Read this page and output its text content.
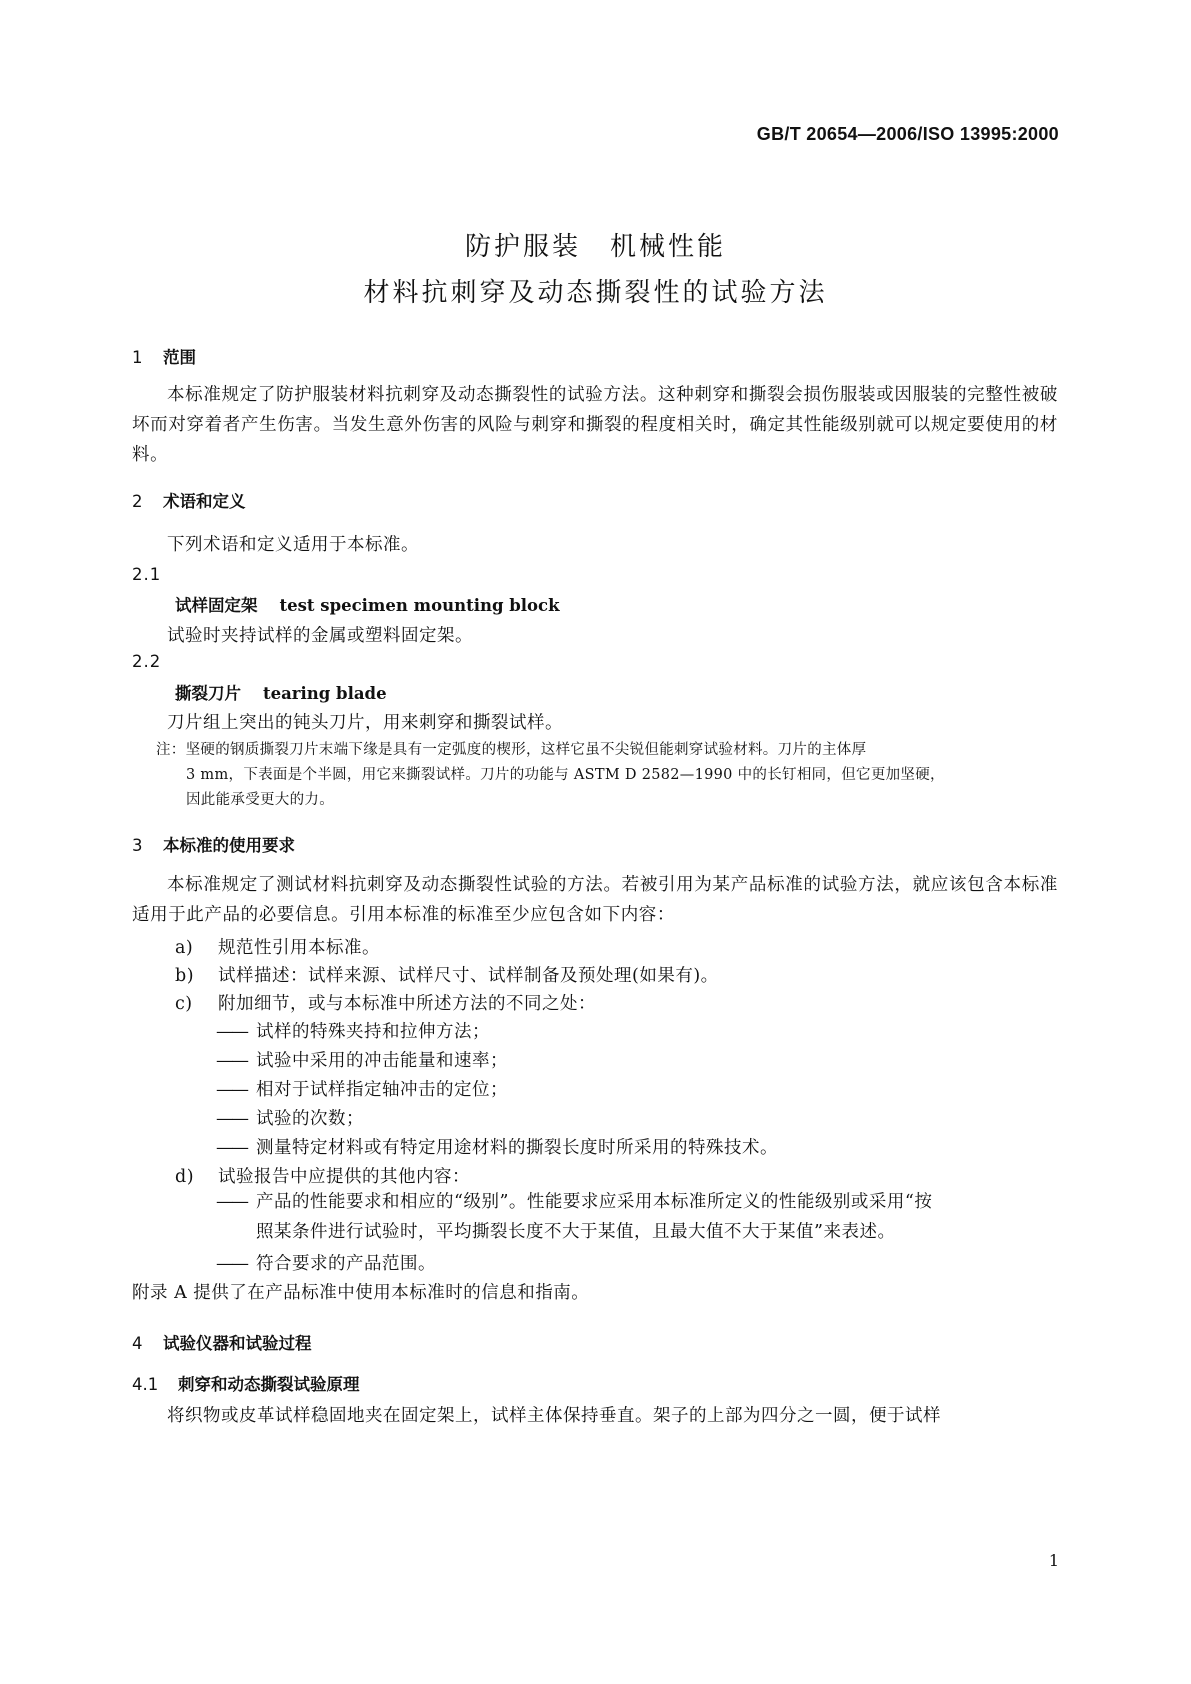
GB/T 20654—2006/ISO 13995:2000
防护服装　机械性能
材料抗刺穿及动态撕裂性的试验方法
1 范围
本标准规定了防护服装材料抗刺穿及动态撕裂性的试验方法。这种刺穿和撕裂会损伤服装或因服装的完整性被破坏而对穿着者产生伤害。当发生意外伤害的风险与刺穿和撕裂的程度相关时，确定其性能级别就可以规定要使用的材料。
2 术语和定义
下列术语和定义适用于本标准。
2.1
试样固定架 test specimen mounting block
试验时夹持试样的金属或塑料固定架。
2.2
撕裂刀片 tearing blade
刀片组上突出的钝头刀片，用来刺穿和撕裂试样。
注：坚硬的钢质撕裂刀片末端下缘是具有一定弧度的楔形，这样它虽不尖锐但能刺穿试验材料。刀片的主体厚
3 mm，下表面是个半圆，用它来撕裂试样。刀片的功能与 ASTM D 2582—1990 中的长钉相同，但它更加坚硬，
因此能承受更大的力。
3 本标准的使用要求
本标准规定了测试材料抗刺穿及动态撕裂性试验的方法。若被引用为某产品标准的试验方法，就应该包含本标准适用于此产品的必要信息。引用本标准的标准至少应包含如下内容：
a) 规范性引用本标准。
b) 试样描述：试样来源、试样尺寸、试样制备及预处理(如果有)。
c) 附加细节，或与本标准中所述方法的不同之处：
—— 试样的特殊夹持和拉伸方法；
—— 试验中采用的冲击能量和速率；
—— 相对于试样指定轴冲击的定位；
—— 试验的次数；
—— 测量特定材料或有特定用途材料的撕裂长度时所采用的特殊技术。
d) 试验报告中应提供的其他内容：
—— 产品的性能要求和相应的“级别”。性能要求应采用本标准所定义的性能级别或采用“按
照某条件进行试验时，平均撕裂长度不大于某值，且最大值不大于某值”来表述。
—— 符合要求的产品范围。
附录 A 提供了在产品标准中使用本标准时的信息和指南。
4 试验仪器和试验过程
4.1 刺穿和动态撕裂试验原理
将织物或皮革试样稳固地夹在固定架上，试样主体保持垂直。架子的上部为四分之一圆，便于试样
1
